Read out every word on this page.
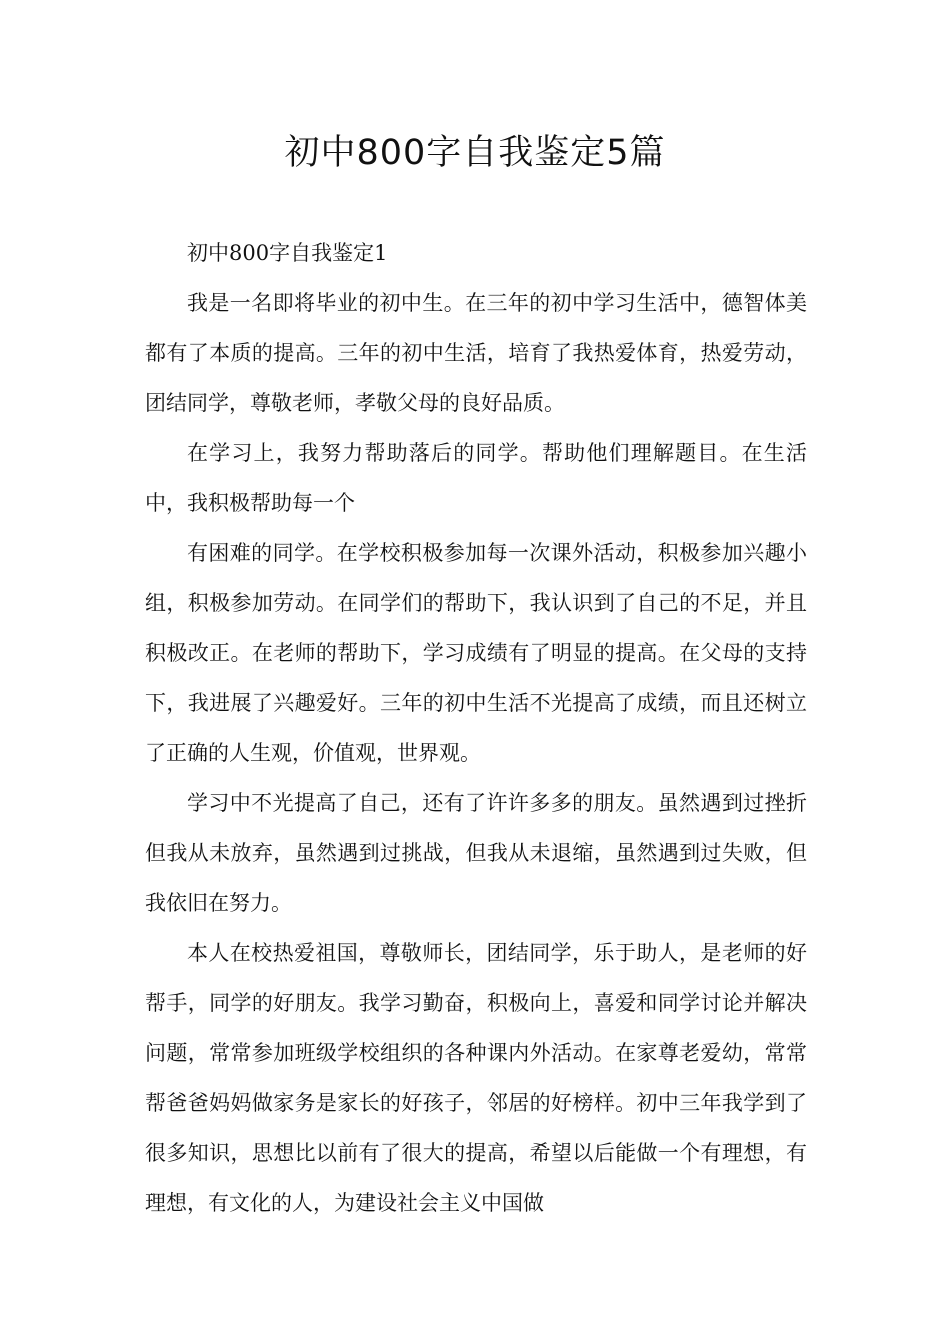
初中800字自我鉴定5篇

初中800字自我鉴定1

我是一名即将毕业的初中生。在三年的初中学习生活中，德智体美都有了本质的提高。三年的初中生活，培育了我热爱体育，热爱劳动，团结同学，尊敬老师，孝敬父母的良好品质。

在学习上，我努力帮助落后的同学。帮助他们理解题目。在生活中，我积极帮助每一个

有困难的同学。在学校积极参加每一次课外活动，积极参加兴趣小组，积极参加劳动。在同学们的帮助下，我认识到了自己的不足，并且积极改正。在老师的帮助下，学习成绩有了明显的提高。在父母的支持下，我进展了兴趣爱好。三年的初中生活不光提高了成绩，而且还树立了正确的人生观，价值观，世界观。

学习中不光提高了自己，还有了许许多多的朋友。虽然遇到过挫折但我从未放弃，虽然遇到过挑战，但我从未退缩，虽然遇到过失败，但我依旧在努力。

本人在校热爱祖国，尊敬师长，团结同学，乐于助人，是老师的好帮手，同学的好朋友。我学习勤奋，积极向上，喜爱和同学讨论并解决问题，常常参加班级学校组织的各种课内外活动。在家尊老爱幼，常常帮爸爸妈妈做家务是家长的好孩子，邻居的好榜样。初中三年我学到了很多知识，思想比以前有了很大的提高，希望以后能做一个有理想，有理想，有文化的人，为建设社会主义中国做
